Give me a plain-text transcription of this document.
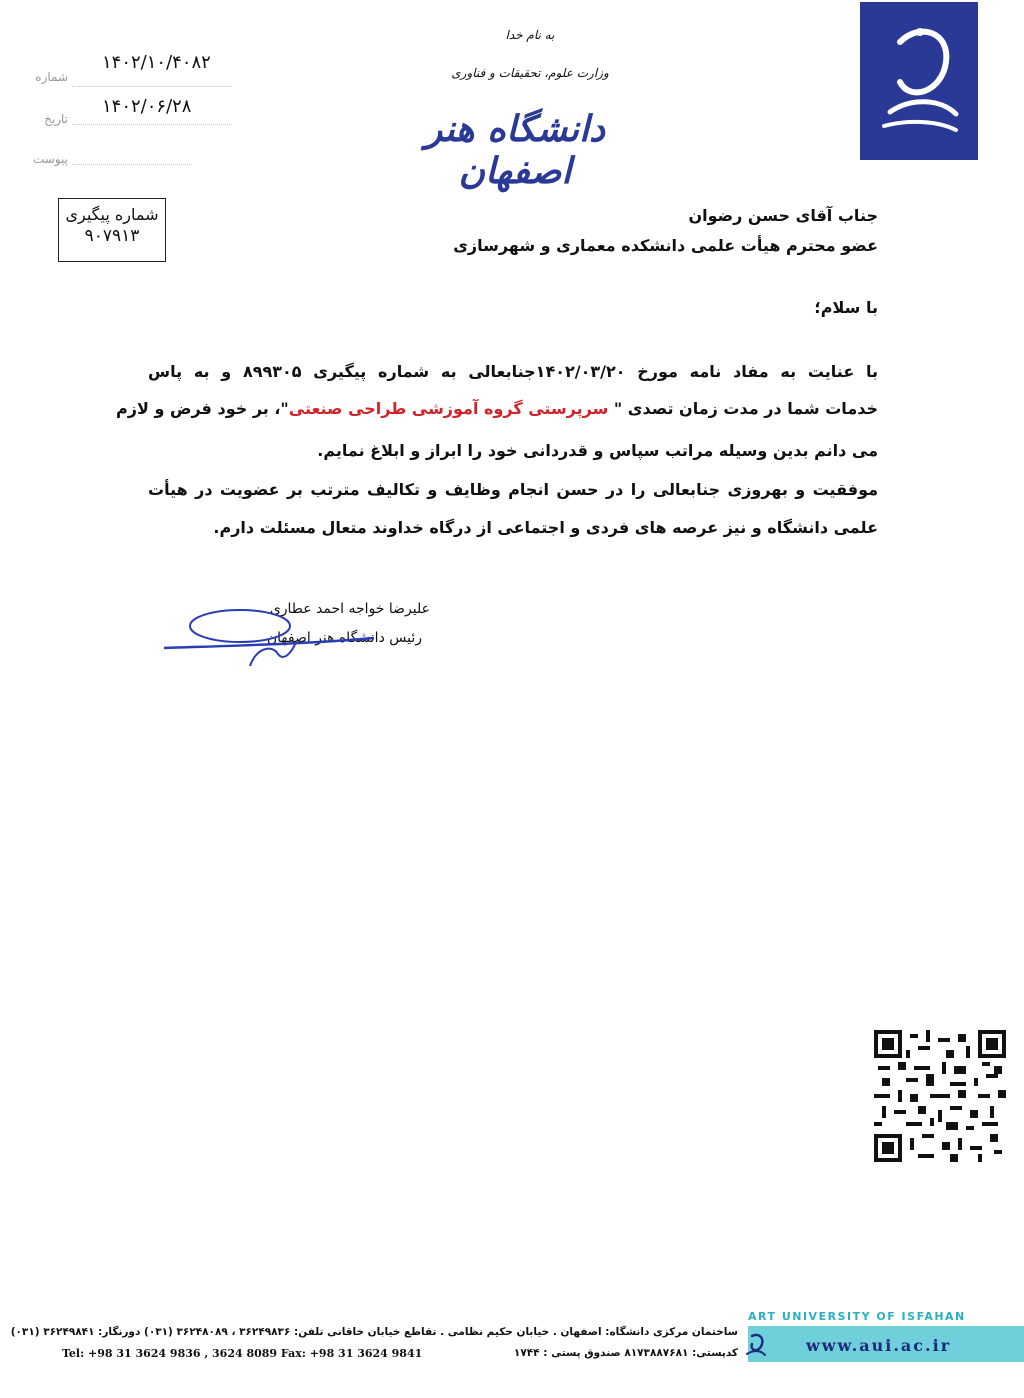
به نام خدا
وزارت علوم، تحقیقات و فناوری
دانشگاه هنر اصفهان
شماره
۱۴۰۲/۱۰/۴۰۸۲
تاریخ
۱۴۰۲/۰۶/۲۸
پیوست
شماره پیگیری
۹۰۷۹۱۳
جناب آقای حسن رضوان
عضو محترم هیأت علمی دانشکده معماری و شهرسازی
با سلام؛
با عنایت به مفاد نامه مورخ ۱۴۰۲/۰۳/۲۰جنابعالی به شماره پیگیری ۸۹۹۳۰۵ و به پاس
خدمات شما در مدت زمان تصدی " سرپرستی گروه آموزشی طراحی صنعتی"، بر خود فرض و لازم
می دانم بدین وسیله مراتب سپاس و قدردانی خود را ابراز و ابلاغ نمایم.
موفقیت و بهروزی جنابعالی را در حسن انجام وظایف و تکالیف مترتب بر عضویت در هیأت
علمی دانشگاه و نیز عرصه های فردی و اجتماعی از درگاه خداوند متعال مسئلت دارم.
علیرضا خواجه احمد عطاری
رئیس دانشگاه هنر اصفهان
ART UNIVERSITY OF ISFAHAN
www.aui.ac.ir
ساختمان مرکزی دانشگاه: اصفهان . خیابان حکیم نظامی . تقاطع خیابان خاقانی تلفن: ۳۶۲۴۹۸۳۶ ، ۳۶۲۴۸۰۸۹ (۰۳۱) دورنگار: ۳۶۲۴۹۸۴۱ (۰۳۱)
کدپستی: ۸۱۷۳۸۸۷۶۸۱ صندوق پستی : ۱۷۴۴
Tel: +98 31 3624 9836 , 3624 8089 Fax: +98 31 3624 9841
